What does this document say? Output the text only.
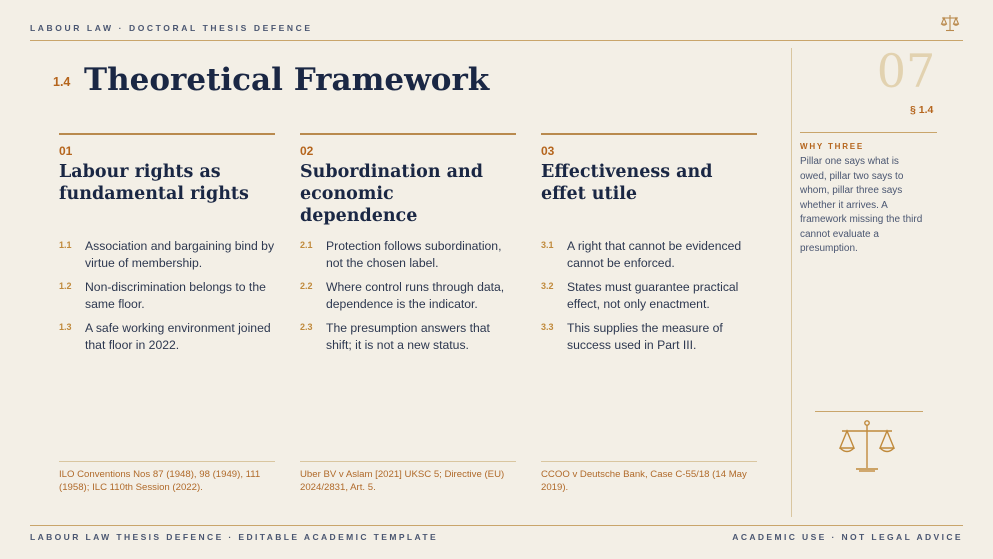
LABOUR LAW · DOCTORAL THESIS DEFENCE
1.4 Theoretical Framework	07
§ 1.4
WHY THREE
Pillar one says what is owed, pillar two says to whom, pillar three says whether it arrives. A framework missing the third cannot evaluate a presumption.
01
Labour rights as fundamental rights
1.1 Association and bargaining bind by virtue of membership.
1.2 Non-discrimination belongs to the same floor.
1.3 A safe working environment joined that floor in 2022.
ILO Conventions Nos 87 (1948), 98 (1949), 111 (1958); ILC 110th Session (2022).
02
Subordination and economic dependence
2.1 Protection follows subordination, not the chosen label.
2.2 Where control runs through data, dependence is the indicator.
2.3 The presumption answers that shift; it is not a new status.
Uber BV v Aslam [2021] UKSC 5; Directive (EU) 2024/2831, Art. 5.
03
Effectiveness and effet utile
3.1 A right that cannot be evidenced cannot be enforced.
3.2 States must guarantee practical effect, not only enactment.
3.3 This supplies the measure of success used in Part III.
CCOO v Deutsche Bank, Case C-55/18 (14 May 2019).
LABOUR LAW THESIS DEFENCE · EDITABLE ACADEMIC TEMPLATE	ACADEMIC USE · NOT LEGAL ADVICE
